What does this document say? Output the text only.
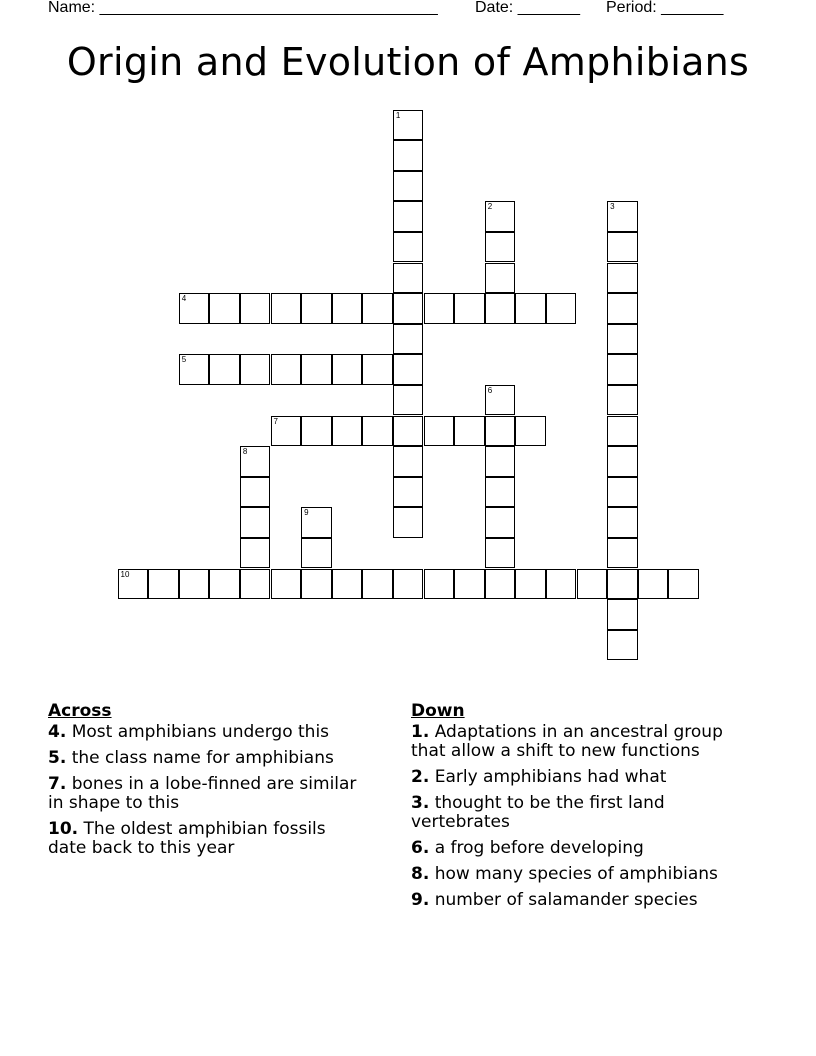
Name: ______________________________________ Date: _______ Period: _______
Origin and Evolution of Amphibians
1
2	3
4
5
6
7
8
9
10
Across
4. Most amphibians undergo this
5. the class name for amphibians
7. bones in a lobe-finned are similar in shape to this
10. The oldest amphibian fossils date back to this year
Down
1. Adaptations in an ancestral group that allow a shift to new functions
2. Early amphibians had what
3. thought to be the first land vertebrates
6. a frog before developing
8. how many species of amphibians
9. number of salamander species
